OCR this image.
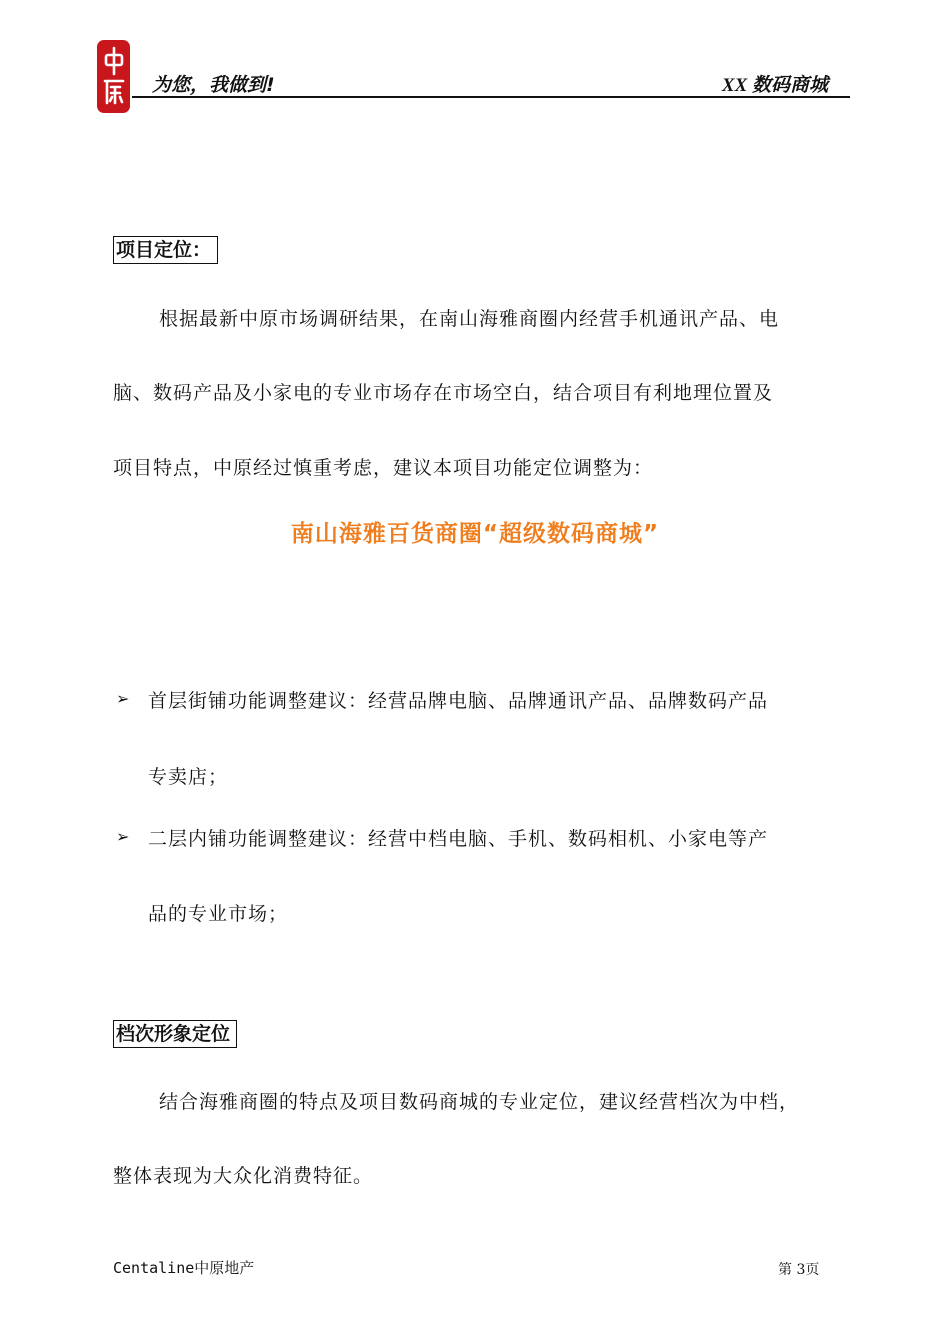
为您，我做到!	XX 数码商城
项目定位：
根据最新中原市场调研结果，在南山海雅商圈内经营手机通讯产品、电
脑、数码产品及小家电的专业市场存在市场空白，结合项目有利地理位置及
项目特点，中原经过慎重考虑，建议本项目功能定位调整为：
南山海雅百货商圈“超级数码商城”
➢ 首层街铺功能调整建议：经营品牌电脑、品牌通讯产品、品牌数码产品
专卖店；
➢ 二层内铺功能调整建议：经营中档电脑、手机、数码相机、小家电等产
品的专业市场；
档次形象定位
结合海雅商圈的特点及项目数码商城的专业定位，建议经营档次为中档，
整体表现为大众化消费特征。
Centaline中原地产	第 3页
